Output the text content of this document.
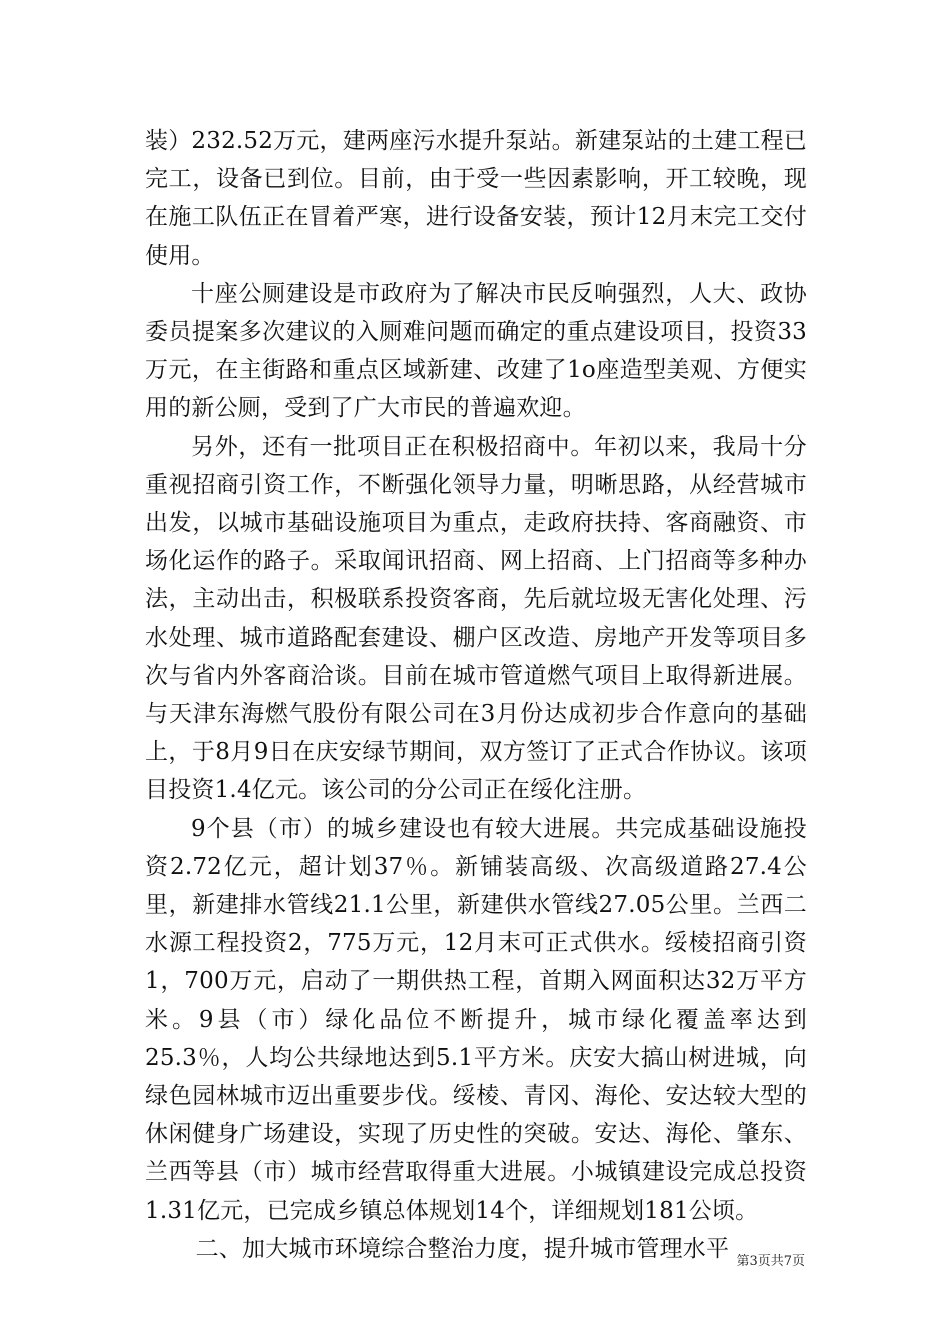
装）232.52万元，建两座污水提升泵站。新建泵站的土建工程已完工，设备已到位。目前，由于受一些因素影响，开工较晚，现在施工队伍正在冒着严寒，进行设备安装，预计12月末完工交付使用。

十座公厕建设是市政府为了解决市民反响强烈，人大、政协委员提案多次建议的入厕难问题而确定的重点建设项目，投资33万元，在主街路和重点区域新建、改建了1o座造型美观、方便实用的新公厕，受到了广大市民的普遍欢迎。

另外，还有一批项目正在积极招商中。年初以来，我局十分重视招商引资工作，不断强化领导力量，明晰思路，从经营城市出发，以城市基础设施项目为重点，走政府扶持、客商融资、市场化运作的路子。采取闻讯招商、网上招商、上门招商等多种办法，主动出击，积极联系投资客商，先后就垃圾无害化处理、污水处理、城市道路配套建设、棚户区改造、房地产开发等项目多次与省内外客商洽谈。目前在城市管道燃气项目上取得新进展。与天津东海燃气股份有限公司在3月份达成初步合作意向的基础上，于8月9日在庆安绿节期间，双方签订了正式合作协议。该项目投资1.4亿元。该公司的分公司正在绥化注册。

9个县（市）的城乡建设也有较大进展。共完成基础设施投资2.72亿元，超计划37％。新铺装高级、次高级道路27.4公里，新建排水管线21.1公里，新建供水管线27.05公里。兰西二水源工程投资2，775万元，12月末可正式供水。绥棱招商引资1，700万元，启动了一期供热工程，首期入网面积达32万平方米。9县（市）绿化品位不断提升，城市绿化覆盖率达到25.3％，人均公共绿地达到5.1平方米。庆安大搞山树进城，向绿色园林城市迈出重要步伐。绥棱、青冈、海伦、安达较大型的休闲健身广场建设，实现了历史性的突破。安达、海伦、肇东、兰西等县（市）城市经营取得重大进展。小城镇建设完成总投资1.31亿元，已完成乡镇总体规划14个，详细规划181公顷。

二、加大城市环境综合整治力度，提升城市管理水平 第3页共7页
